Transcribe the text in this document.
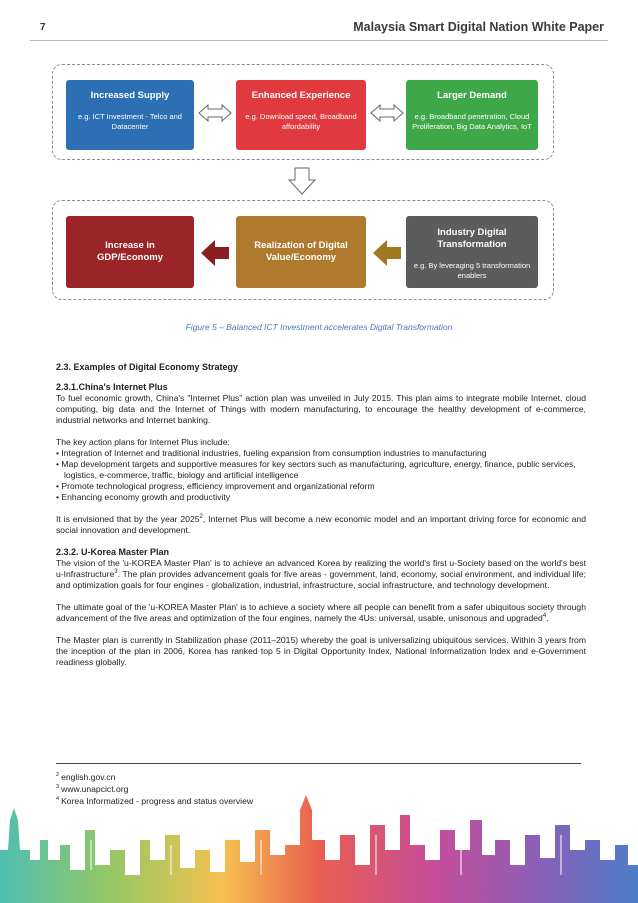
7	Malaysia Smart Digital Nation White Paper
Increased Supply
e.g. ICT Investment - Telco and Datacenter
Enhanced Experience
e.g. Download speed, Broadband affordability
Larger Demand
e.g. Broadband penetration, Cloud Proliferation, Big Data Analytics, IoT
Increase in GDP/Economy
Realization of Digital Value/Economy
Industry Digital Transformation
e.g. By leveraging 5 transformation enablers
Figure 5 – Balanced ICT Investment accelerates Digital Transformation
2.3. Examples of Digital Economy Strategy
2.3.1.China's Internet Plus

To fuel economic growth, China's "Internet Plus" action plan was unveiled in July 2015. This plan aims to integrate mobile Internet, cloud computing, big data and the Internet of Things with modern manufacturing, to encourage the healthy development of e-commerce, industrial networks and Internet banking.

The key action plans for Internet Plus include:

• Integration of Internet and traditional industries, fueling expansion from consumption industries to manufacturing
• Map development targets and supportive measures for key sectors such as manufacturing, agriculture, energy, finance, public services, logistics, e-commerce, traffic, biology and artificial intelligence
• Promote technological progress, efficiency improvement and organizational reform
• Enhancing economy growth and productivity

It is envisioned that by the year 2025$^2$, Internet Plus will become a new economic model and an important driving force for economic and social innovation and development.

2.3.2. U-Korea Master Plan

The vision of the 'u-KOREA Master Plan' is to achieve an advanced Korea by realizing the world's first u-Society based on the world's best u-Infrastructure$^3$. The plan provides advancement goals for five areas - government, land, economy, social environment, and individual life; and optimization goals for four engines - globalization, industrial, infrastructure, social infrastructure, and technology development.

The ultimate goal of the 'u-KOREA Master Plan' is to achieve a society where all people can benefit from a safer ubiquitous society through advancement of the five areas and optimization of the four engines, namely the 4Us: universal, usable, unisonous and upgraded$^4$.

The Master plan is currently in Stabilization phase (2011–2015) whereby the goal is universalizing ubiquitous services. Within 3 years from the inception of the plan in 2006, Korea has ranked top 5 in Digital Opportunity Index, National Informatization Index and e-Government readiness globally.

$^2$ english.gov.cn
$^3$ www.unapcict.org
$^4$ Korea Informatized - progress and status overview
